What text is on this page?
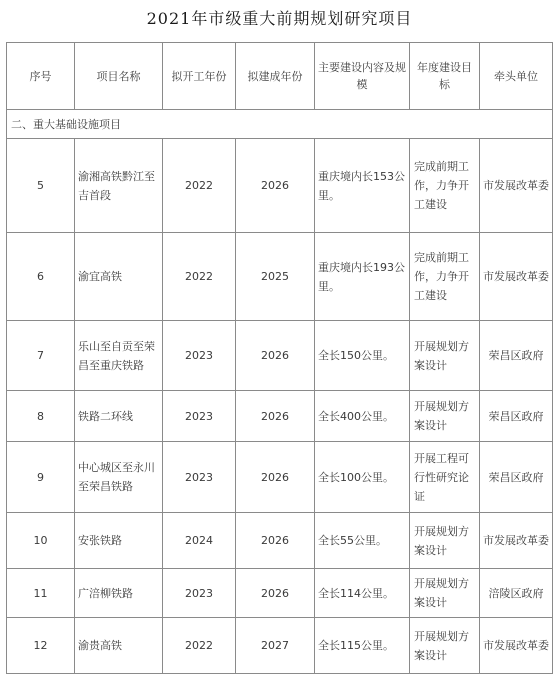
2021年市级重大前期规划研究项目
序号	项目名称	拟开工年份	拟建成年份	主要建设内容及规模	年度建设目标	牵头单位
二、重大基础设施项目						
5	渝湘高铁黔江至吉首段	2022	2026	重庆境内长153公里。	完成前期工作，力争开工建设	市发展改革委
6	渝宜高铁	2022	2025	重庆境内长193公里。	完成前期工作，力争开工建设	市发展改革委
7	乐山至自贡至荣昌至重庆铁路	2023	2026	全长150公里。	开展规划方案设计	荣昌区政府
8	铁路二环线	2023	2026	全长400公里。	开展规划方案设计	荣昌区政府
9	中心城区至永川至荣昌铁路	2023	2026	全长100公里。	开展工程可行性研究论证	荣昌区政府
10	安张铁路	2024	2026	全长55公里。	开展规划方案设计	市发展改革委
11	广涪柳铁路	2023	2026	全长114公里。	开展规划方案设计	涪陵区政府
12	渝贵高铁	2022	2027	全长115公里。	开展规划方案设计	市发展改革委
